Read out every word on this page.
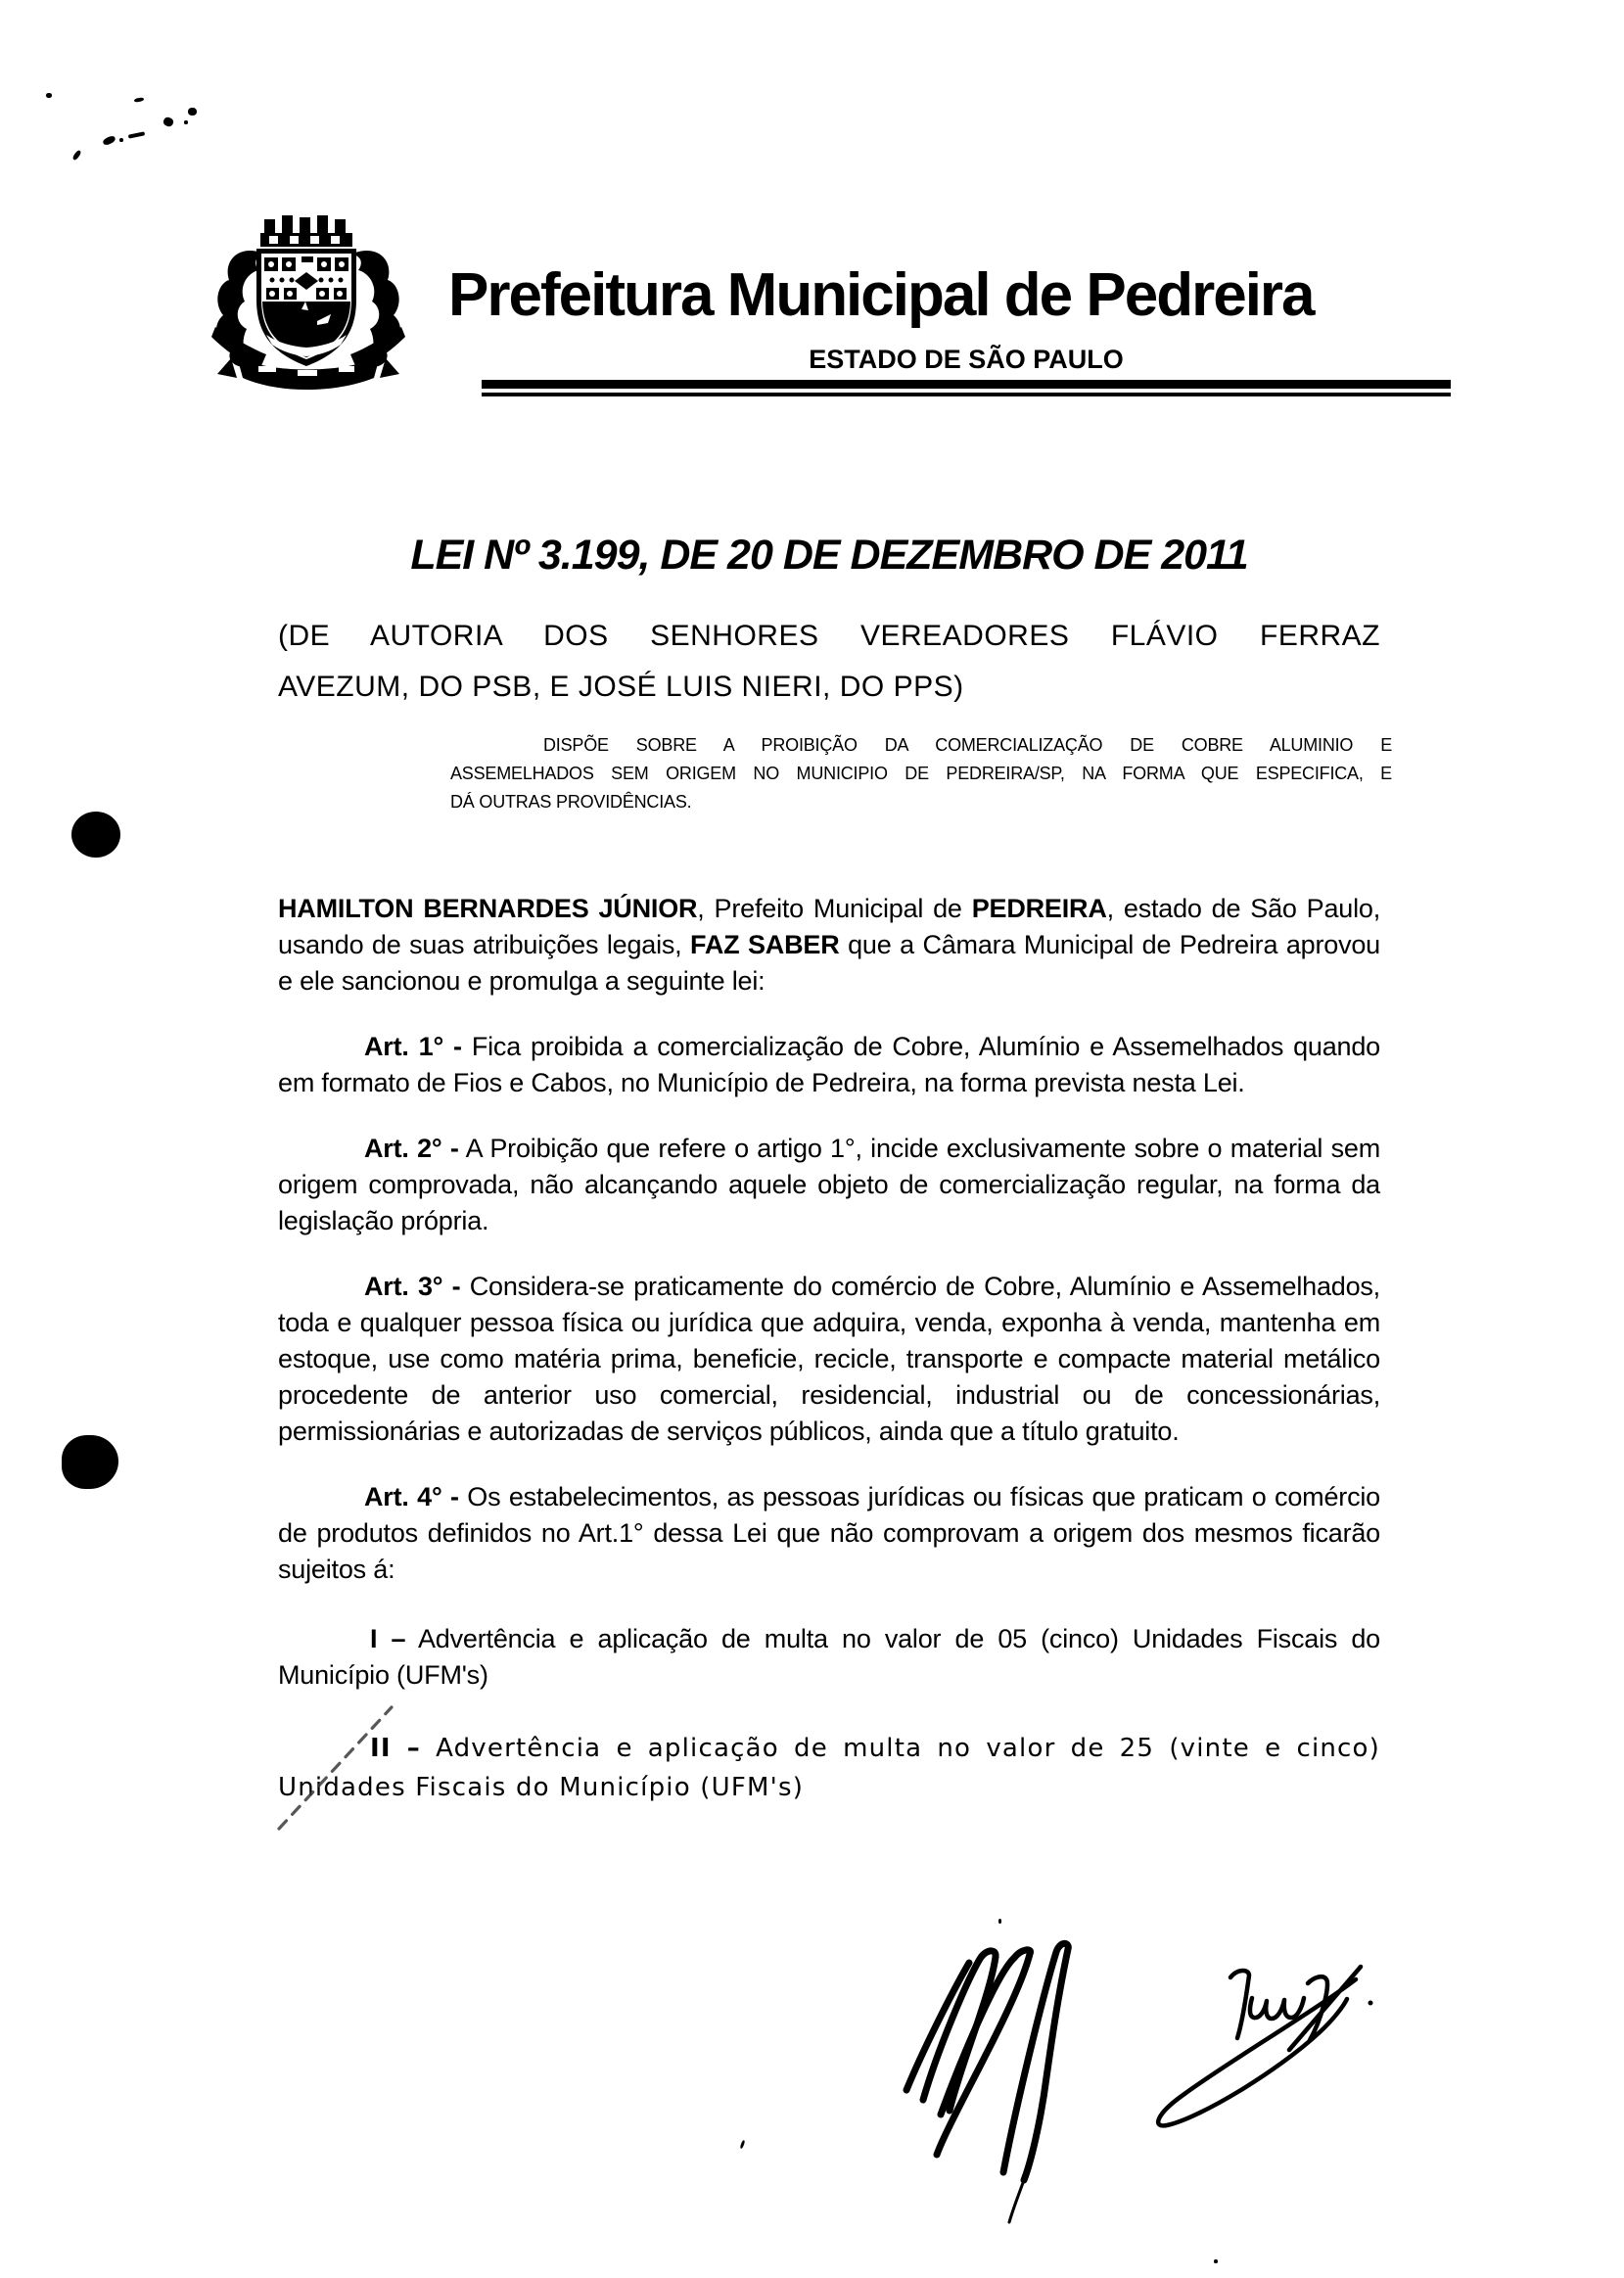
Prefeitura Municipal de Pedreira
ESTADO DE SÃO PAULO
LEI Nº 3.199, DE 20 DE DEZEMBRO DE 2011
(DE AUTORIA DOS SENHORES VEREADORES FLÁVIO FERRAZ
AVEZUM, DO PSB, E JOSÉ LUIS NIERI, DO PPS)
DISPÕE SOBRE A PROIBIÇÃO DA COMERCIALIZAÇÃO DE COBRE ALUMINIO E
ASSEMELHADOS SEM ORIGEM NO MUNICIPIO DE PEDREIRA/SP, NA FORMA QUE ESPECIFICA, E
DÁ OUTRAS PROVIDÊNCIAS.

HAMILTON BERNARDES JÚNIOR, Prefeito Municipal de PEDREIRA, estado de São Paulo, usando de suas atribuições legais, FAZ SABER que a Câmara Municipal de Pedreira aprovou e ele sancionou e promulga a seguinte lei:

Art. 1° - Fica proibida a comercialização de Cobre, Alumínio e Assemelhados quando em formato de Fios e Cabos, no Município de Pedreira, na forma prevista nesta Lei.

Art. 2° - A Proibição que refere o artigo 1°, incide exclusivamente sobre o material sem origem comprovada, não alcançando aquele objeto de comercialização regular, na forma da legislação própria.

Art. 3° - Considera-se praticamente do comércio de Cobre, Alumínio e Assemelhados, toda e qualquer pessoa física ou jurídica que adquira, venda, exponha à venda, mantenha em estoque, use como matéria prima, beneficie, recicle, transporte e compacte material metálico procedente de anterior uso comercial, residencial, industrial ou de concessionárias, permissionárias e autorizadas de serviços públicos, ainda que a título gratuito.

Art. 4° - Os estabelecimentos, as pessoas jurídicas ou físicas que praticam o comércio de produtos definidos no Art.1° dessa Lei que não comprovam a origem dos mesmos ficarão sujeitos á:

I – Advertência e aplicação de multa no valor de 05 (cinco) Unidades Fiscais do Município (UFM's)

II – Advertência e aplicação de multa no valor de 25 (vinte e cinco) Unidades Fiscais do Município (UFM's)
